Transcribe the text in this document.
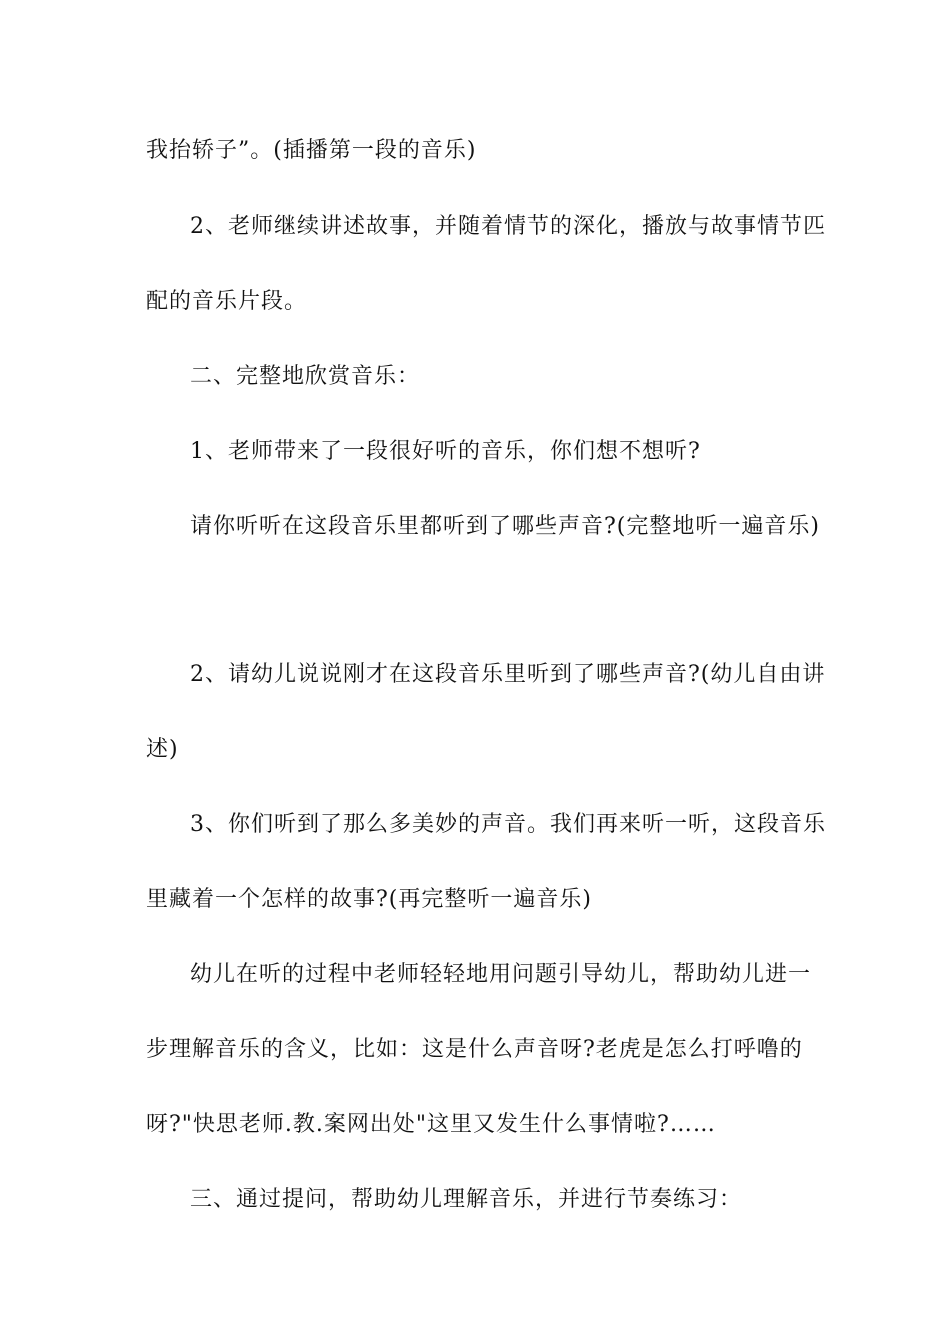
我抬轿子”。(插播第一段的音乐)
2、老师继续讲述故事，并随着情节的深化，播放与故事情节匹
配的音乐片段。
二、完整地欣赏音乐：
1、老师带来了一段很好听的音乐，你们想不想听?
请你听听在这段音乐里都听到了哪些声音?(完整地听一遍音乐)
2、请幼儿说说刚才在这段音乐里听到了哪些声音?(幼儿自由讲
述)
3、你们听到了那么多美妙的声音。我们再来听一听，这段音乐
里藏着一个怎样的故事?(再完整听一遍音乐)
幼儿在听的过程中老师轻轻地用问题引导幼儿，帮助幼儿进一
步理解音乐的含义，比如：这是什么声音呀?老虎是怎么打呼噜的
呀?"快思老师.教.案网出处"这里又发生什么事情啦?……
三、通过提问，帮助幼儿理解音乐，并进行节奏练习：
